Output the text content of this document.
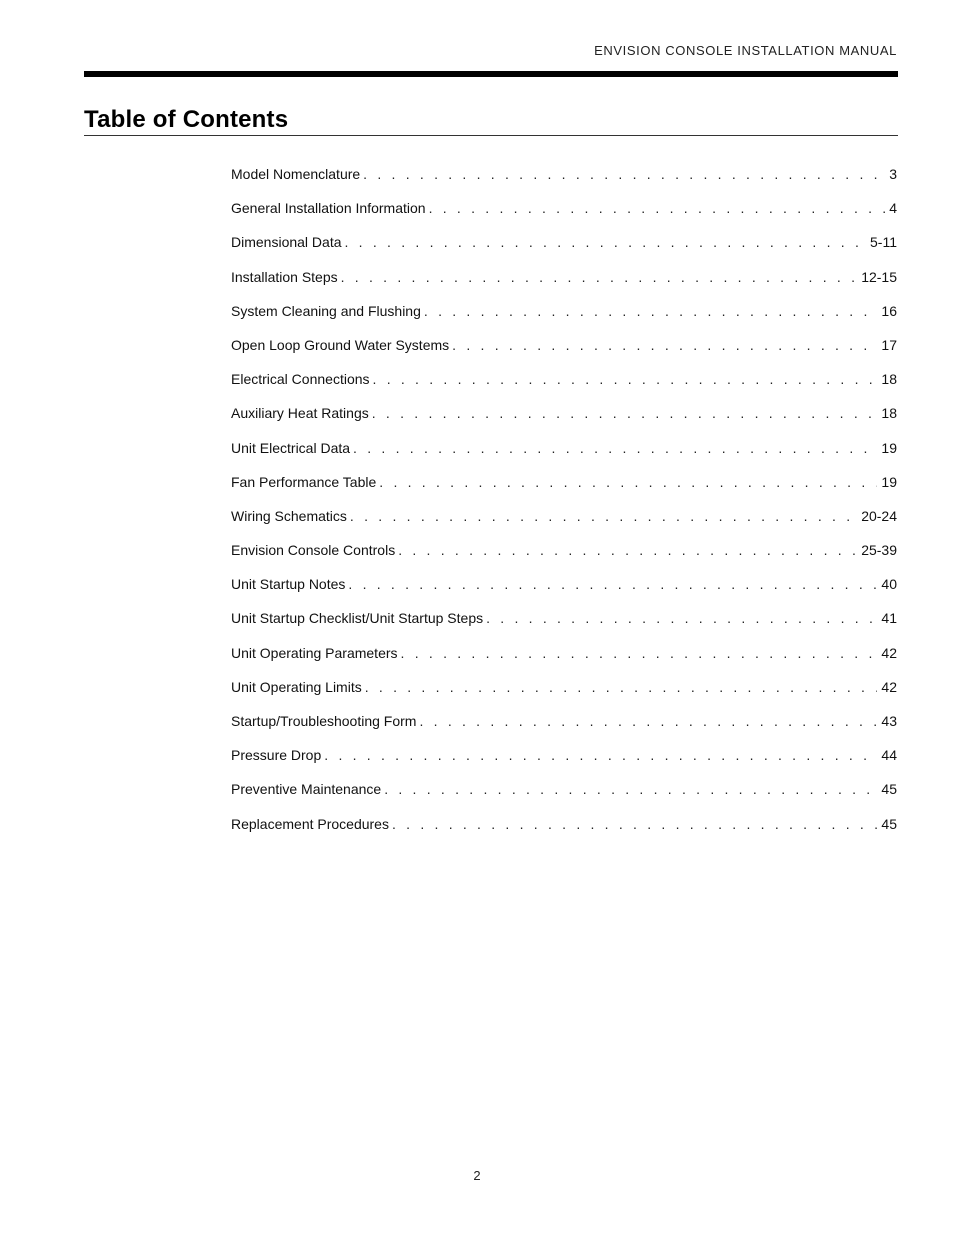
ENVISION CONSOLE INSTALLATION MANUAL
Table of Contents
Model Nomenclature . . .	3
General Installation Information . . .	4
Dimensional Data . . .	5-11
Installation Steps . . .	12-15
System Cleaning and Flushing . . .	16
Open Loop Ground Water Systems . . .	17
Electrical Connections . . .	18
Auxiliary Heat Ratings . . .	18
Unit Electrical Data . . .	19
Fan Performance Table . . .	19
Wiring Schematics . . .	20-24
Envision Console Controls . . .	25-39
Unit Startup Notes . . .	40
Unit Startup Checklist/Unit Startup Steps . . .	41
Unit Operating Parameters . . .	42
Unit Operating Limits . . .	42
Startup/Troubleshooting Form . . .	43
Pressure Drop . . .	44
Preventive Maintenance . . .	45
Replacement Procedures . . .	45
2
